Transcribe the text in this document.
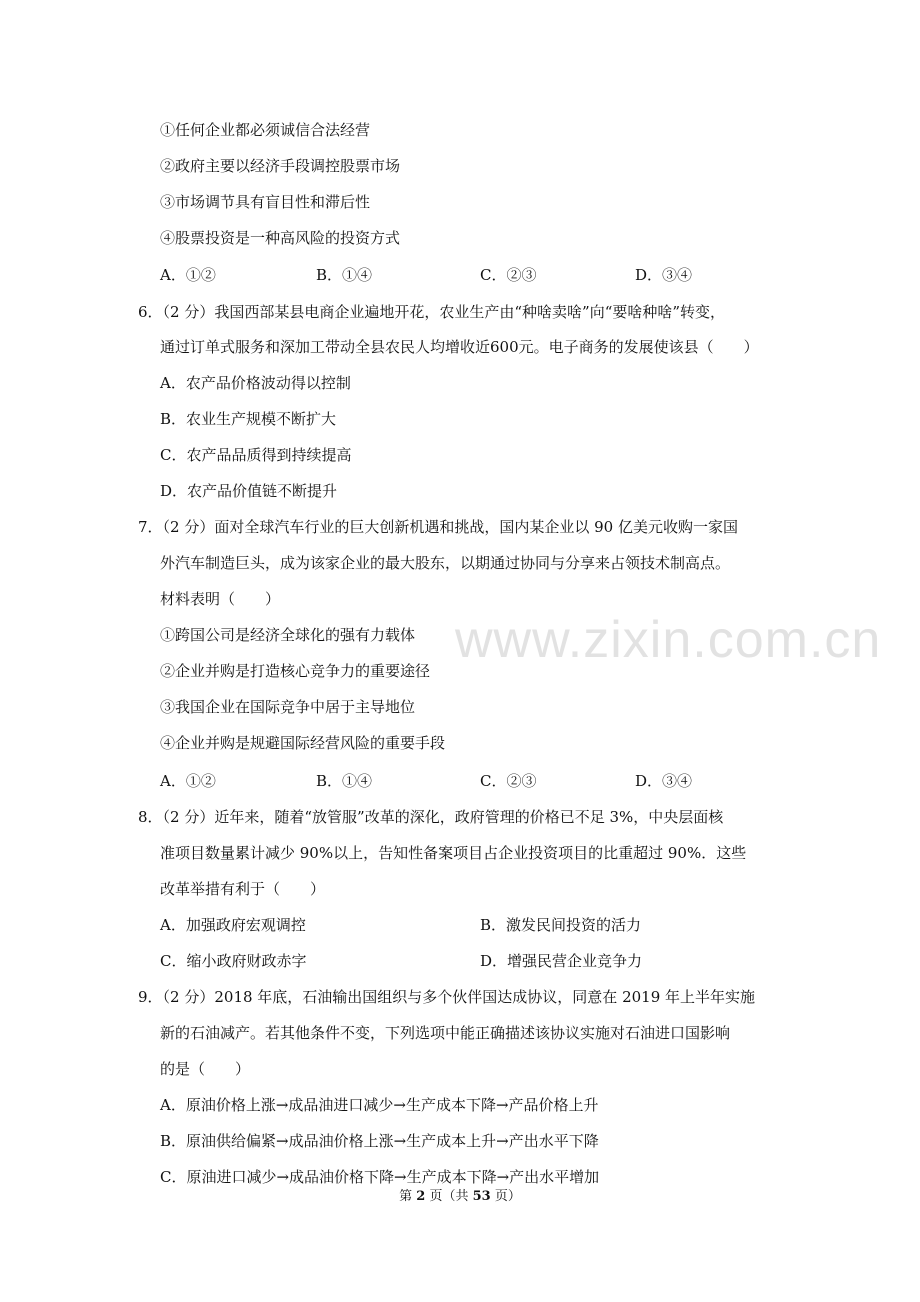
www.zixin.com.cn
①任何企业都必须诚信合法经营
②政府主要以经济手段调控股票市场
③市场调节具有盲目性和滞后性
④股票投资是一种高风险的投资方式
A．①②	B．①④	C．②③	D．③④
6．（2 分）我国西部某县电商企业遍地开花，农业生产由“种啥卖啥”向“要啥种啥”转变，
通过订单式服务和深加工带动全县农民人均增收近600元。电子商务的发展使该县（　　）
A．农产品价格波动得以控制
B．农业生产规模不断扩大
C．农产品品质得到持续提高
D．农产品价值链不断提升
7．（2 分）面对全球汽车行业的巨大创新机遇和挑战，国内某企业以 90 亿美元收购一家国
外汽车制造巨头，成为该家企业的最大股东，以期通过协同与分享来占领技术制高点。
材料表明（　　）
①跨国公司是经济全球化的强有力载体
②企业并购是打造核心竞争力的重要途径
③我国企业在国际竞争中居于主导地位
④企业并购是规避国际经营风险的重要手段
A．①②	B．①④	C．②③	D．③④
8．（2 分）近年来，随着“放管服”改革的深化，政府管理的价格已不足 3%，中央层面核
准项目数量累计减少 90%以上，告知性备案项目占企业投资项目的比重超过 90%．这些
改革举措有利于（　　）
A．加强政府宏观调控	B．激发民间投资的活力
C．缩小政府财政赤字	D．增强民营企业竞争力
9．（2 分）2018 年底，石油输出国组织与多个伙伴国达成协议，同意在 2019 年上半年实施
新的石油减产。若其他条件不变，下列选项中能正确描述该协议实施对石油进口国影响
的是（　　）
A．原油价格上涨→成品油进口减少→生产成本下降→产品价格上升
B．原油供给偏紧→成品油价格上涨→生产成本上升→产出水平下降
C．原油进口减少→成品油价格下降→生产成本下降→产出水平增加
第 2 页（共 53 页）
